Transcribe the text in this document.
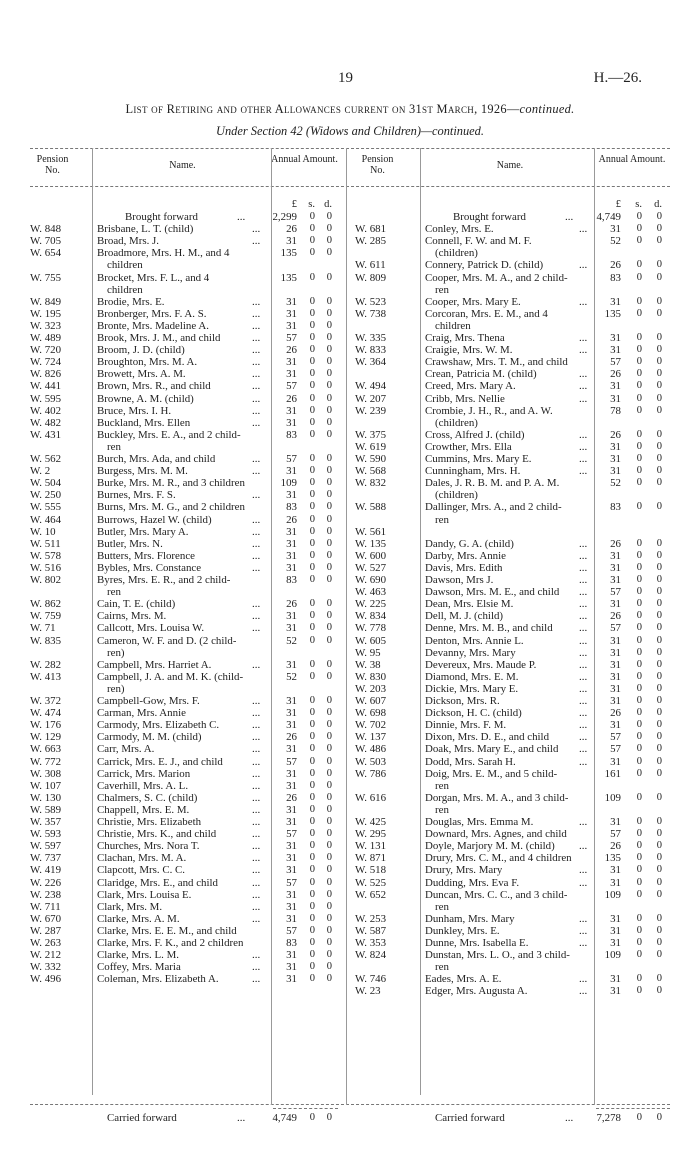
19	H.—26.
List of Retiring and other Allowances current on 31st March, 1926—continued.
Under Section 42 (Widows and Children)—continued.
£	s. d.
Brought forward	...	2,299	0	0
W. 848	Brisbane, L. T. (child)	...	26	0	0
W. 705	Broad, Mrs. J.	...	31	0	0
W. 654	Broadmore, Mrs. H. M., and 4
children
135	0	0
W. 755	Brocket, Mrs. F. L., and 4
children
135	0	0
W. 849	Brodie, Mrs. E.	...	31	0	0
W. 195	Bronberger, Mrs. F. A. S.	...	31	0	0
W. 323	Bronte, Mrs. Madeline A.	...	31	0	0
W. 489	Brook, Mrs. J. M., and child	...	57	0	0
W. 720	Broom, J. D. (child)	...	26	0	0
W. 724	Broughton, Mrs. M. A.	...	31	0	0
W. 826	Browett, Mrs. A. M.	...	31	0	0
W. 441	Brown, Mrs. R., and child	...	57	0	0
W. 595	Browne, A. M. (child)	...	26	0	0
W. 402	Bruce, Mrs. I. H.	...	31	0	0
W. 482	Buckland, Mrs. Ellen	...	31	0	0
W. 431	Buckley, Mrs. E. A., and 2 child-
ren
83	0	0
W. 562	Burch, Mrs. Ada, and child	...	57	0	0
W. 2	Burgess, Mrs. M. M.	...	31	0	0
W. 504	Burke, Mrs. M. R., and 3 children	109	0	0
W. 250	Burnes, Mrs. F. S.	...	31	0	0
W. 555	Burns, Mrs. M. G., and 2 children	83	0	0
W. 464	Burrows, Hazel W. (child)	...	26	0	0
W. 10	Butler, Mrs. Mary A.	...	31	0	0
W. 511	Butler, Mrs. N.	...	31	0	0
W. 578	Butters, Mrs. Florence	...	31	0	0
W. 516	Bybles, Mrs. Constance	...	31	0	0
W. 802	Byres, Mrs. E. R., and 2 child-
ren
83	0	0
W. 862	Cain, T. E. (child)	...	26	0	0
W. 759	Cairns, Mrs. M.	...	31	0	0
W. 71	Callcott, Mrs. Louisa W.	...	31	0	0
W. 835	Cameron, W. F. and D. (2 child-
ren)
52	0	0
W. 282	Campbell, Mrs. Harriet A.	...	31	0	0
W. 413	Campbell, J. A. and M. K. (child-
ren)
52	0	0
W. 372	Campbell-Gow, Mrs. F.	...	31	0	0
W. 474	Carman, Mrs. Annie	...	31	0	0
W. 176	Carmody, Mrs. Elizabeth C.	...	31	0	0
W. 129	Carmody, M. M. (child)	...	26	0	0
W. 663	Carr, Mrs. A.	...	31	0	0
W. 772	Carrick, Mrs. E. J., and child	...	57	0	0
W. 308	Carrick, Mrs. Marion	...	31	0	0
W. 107	Caverhill, Mrs. A. L.	...	31	0	0
W. 130	Chalmers, S. C. (child)	...	26	0	0
W. 589	Chappell, Mrs. E. M.	...	31	0	0
W. 357	Christie, Mrs. Elizabeth	...	31	0	0
W. 593	Christie, Mrs. K., and child	...	57	0	0
W. 597	Churches, Mrs. Nora T.	...	31	0	0
W. 737	Clachan, Mrs. M. A.	...	31	0	0
W. 419	Clapcott, Mrs. C. C.	...	31	0	0
W. 226	Claridge, Mrs. E., and child	...	57	0	0
W. 238	Clark, Mrs. Louisa E.	...	31	0	0
W. 711	Clark, Mrs. M.	...	31	0	0
W. 670	Clarke, Mrs. A. M.	...	31	0	0
W. 287	Clarke, Mrs. E. E. M., and child	57	0	0
W. 263	Clarke, Mrs. F. K., and 2 children	83	0	0
W. 212	Clarke, Mrs. L. M.	...	31	0	0
W. 332	Coffey, Mrs. Maria	...	31	0	0
W. 496	Coleman, Mrs. Elizabeth A.	...	31	0	0
Carried forward	...	4,749	0	0
£	s. d.
Brought forward	...	4,749	0	0
W. 681	Conley, Mrs. E.	...	31	0	0
W. 285	Connell, F. W. and M. F.
(children)
52	0	0
W. 611	Connery, Patrick D. (child)	...	26	0	0
W. 809	Cooper, Mrs. M. A., and 2 child-
ren
83	0	0
W. 523	Cooper, Mrs. Mary E.	...	31	0	0
W. 738	Corcoran, Mrs. E. M., and 4
children
135	0	0
W. 335	Craig, Mrs. Thena	...	31	0	0
W. 833	Craigie, Mrs. W. M.	...	31	0	0
W. 364	Crawshaw, Mrs. T. M., and child	57	0	0
Crean, Patricia M. (child)	...	26	0	0
W. 494	Creed, Mrs. Mary A.	...	31	0	0
W. 207	Cribb, Mrs. Nellie	...	31	0	0
W. 239	Crombie, J. H., R., and A. W.
(children)
78	0	0
W. 375	Cross, Alfred J. (child)	...	26	0	0
W. 619	Crowther, Mrs. Ella	...	31	0	0
W. 590	Cummins, Mrs. Mary E.	...	31	0	0
W. 568	Cunningham, Mrs. H.	...	31	0	0
W. 832	Dales, J. R. B. M. and P. A. M.
(children)
52	0	0
W. 588	Dallinger, Mrs. A., and 2 child-
ren
83	0	0
W. 561
W. 135	Dandy, G. A. (child)	...	26	0	0
W. 600	Darby, Mrs. Annie	...	31	0	0
W. 527	Davis, Mrs. Edith	...	31	0	0
W. 690	Dawson, Mrs J.	...	31	0	0
W. 463	Dawson, Mrs. M. E., and child ...	57	0	0
W. 225	Dean, Mrs. Elsie M.	...	31	0	0
W. 834	Dell, M. J. (child)	...	26	0	0
W. 778	Denne, Mrs. M. B., and child ...	57	0	0
W. 605	Denton, Mrs. Annie L.	...	31	0	0
W. 95	Devanny, Mrs. Mary	...	31	0	0
W. 38	Devereux, Mrs. Maude P.	...	31	0	0
W. 830	Diamond, Mrs. E. M.	...	31	0	0
W. 203	Dickie, Mrs. Mary E.	...	31	0	0
W. 607	Dickson, Mrs. R.	...	31	0	0
W. 698	Dickson, H. C. (child)	...	26	0	0
W. 702	Dinnie, Mrs. F. M.	...	31	0	0
W. 137	Dixon, Mrs. D. E., and child	...	57	0	0
W. 486	Doak, Mrs. Mary E., and child ...	57	0	0
W. 503	Dodd, Mrs. Sarah H.	...	31	0	0
W. 786	Doig, Mrs. E. M., and 5 child-
ren
161	0	0
W. 616	Dorgan, Mrs. M. A., and 3 child-
ren
109	0	0
W. 425	Douglas, Mrs. Emma M.	...	31	0	0
W. 295	Downard, Mrs. Agnes, and child	57	0	0
W. 131	Doyle, Marjory M. M. (child) ...	26	0	0
W. 871	Drury, Mrs. C. M., and 4 children	135	0	0
W. 518	Drury, Mrs. Mary	...	31	0	0
W. 525	Dudding, Mrs. Eva F.	...	31	0	0
W. 652	Duncan, Mrs. C. C., and 3 child-
ren
109	0	0
W. 253	Dunham, Mrs. Mary	...	31	0	0
W. 587	Dunkley, Mrs. E.	...	31	0	0
W. 353	Dunne, Mrs. Isabella E.	...	31	0	0
W. 824	Dunstan, Mrs. L. O., and 3 child-
ren
109	0	0
W. 746	Eades, Mrs. A. E.	...	31	0	0
W. 23	Edger, Mrs. Augusta A.	...	31	0	0
Carried forward	...	7,278	0	0
Pension No.	Name.
Annual Amount.	Pension No.	Name.
Annual Amount.
